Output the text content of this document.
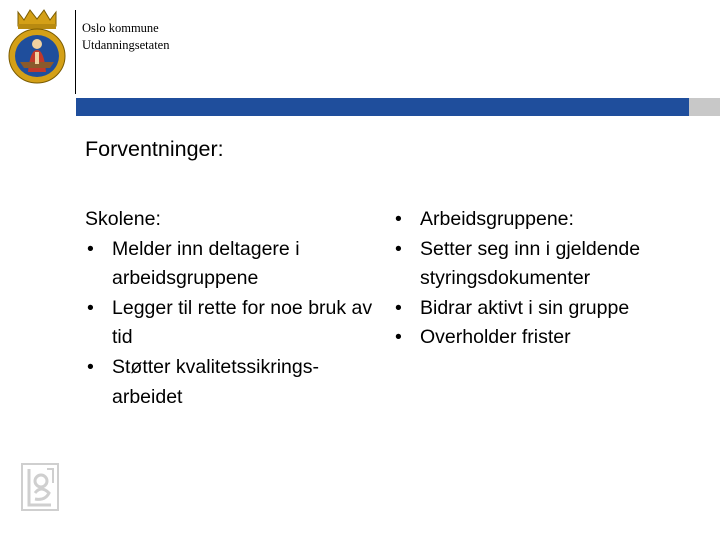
Oslo kommune
Utdanningsetaten
Forventninger:
Skolene:
• Melder inn deltagere i arbeidsgruppene
• Legger til rette for noe bruk av tid
• Støtter kvalitetssikrings-arbeidet
• Arbeidsgruppene:
• Setter seg inn i gjeldende styringsdokumenter
• Bidrar aktivt i sin gruppe
• Overholder frister
